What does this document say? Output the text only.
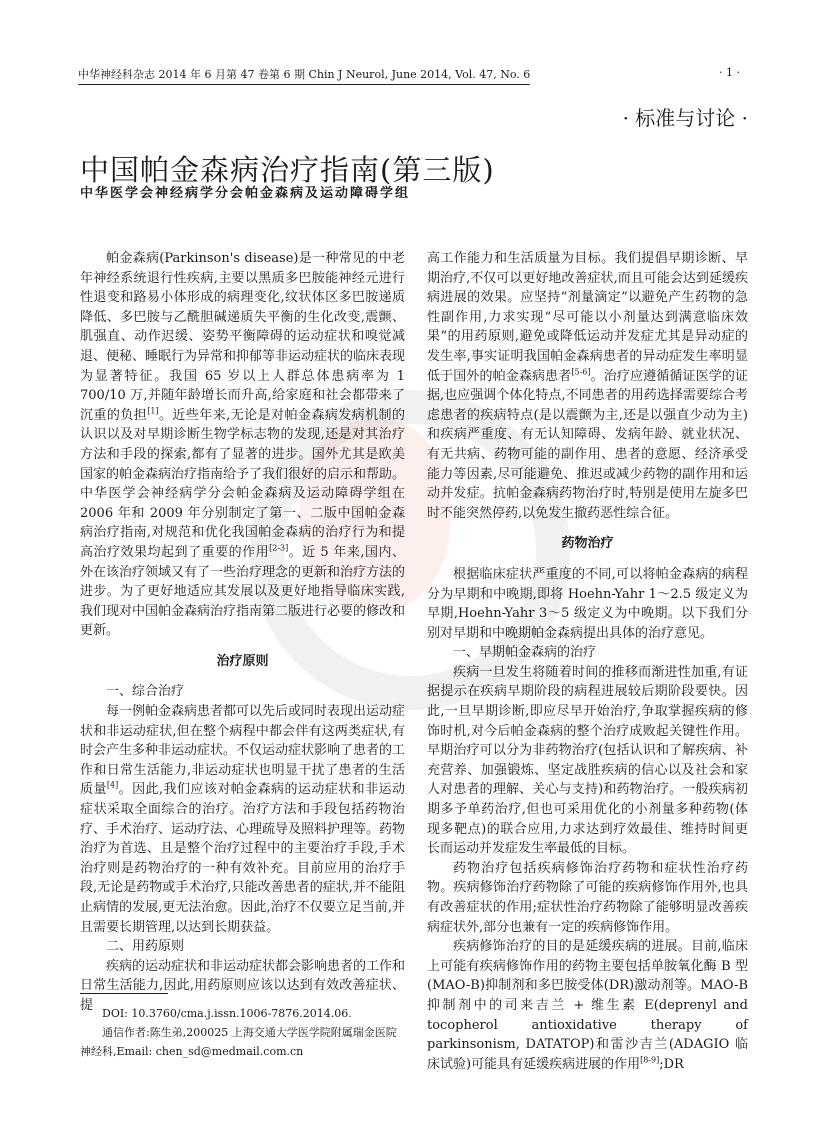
中华神经科杂志 2014 年 6 月第 47 卷第 6 期 Chin J Neurol, June 2014, Vol. 47, No. 6	· 1 ·
· 标准与讨论 ·
中国帕金森病治疗指南(第三版)
中华医学会神经病学分会帕金森病及运动障碍学组

帕金森病(Parkinson's disease)是一种常见的中老年神经系统退行性疾病,主要以黑质多巴胺能神经元进行性退变和路易小体形成的病理变化,纹状体区多巴胺递质降低、多巴胺与乙酰胆碱递质失平衡的生化改变,震颤、肌强直、动作迟缓、姿势平衡障碍的运动症状和嗅觉减退、便秘、睡眠行为异常和抑郁等非运动症状的临床表现为显著特征。我国 65 岁以上人群总体患病率为 1 700/10 万,并随年龄增长而升高,给家庭和社会都带来了沉重的负担[1]。近些年来,无论是对帕金森病发病机制的认识以及对早期诊断生物学标志物的发现,还是对其治疗方法和手段的探索,都有了显著的进步。国外尤其是欧美国家的帕金森病治疗指南给予了我们很好的启示和帮助。中华医学会神经病学分会帕金森病及运动障碍学组在 2006 年和 2009 年分别制定了第一、二版中国帕金森病治疗指南,对规范和优化我国帕金森病的治疗行为和提高治疗效果均起到了重要的作用[2-3]。近 5 年来,国内、外在该治疗领域又有了一些治疗理念的更新和治疗方法的进步。为了更好地适应其发展以及更好地指导临床实践,我们现对中国帕金森病治疗指南第二版进行必要的修改和更新。

治疗原则
一、综合治疗

每一例帕金森病患者都可以先后或同时表现出运动症状和非运动症状,但在整个病程中都会伴有这两类症状,有时会产生多种非运动症状。不仅运动症状影响了患者的工作和日常生活能力,非运动症状也明显干扰了患者的生活质量[4]。因此,我们应该对帕金森病的运动症状和非运动症状采取全面综合的治疗。治疗方法和手段包括药物治疗、手术治疗、运动疗法、心理疏导及照料护理等。药物治疗为首选、且是整个治疗过程中的主要治疗手段,手术治疗则是药物治疗的一种有效补充。目前应用的治疗手段,无论是药物或手术治疗,只能改善患者的症状,并不能阻止病情的发展,更无法治愈。因此,治疗不仅要立足当前,并且需要长期管理,以达到长期获益。

二、用药原则

疾病的运动症状和非运动症状都会影响患者的工作和日常生活能力,因此,用药原则应该以达到有效改善症状、提

高工作能力和生活质量为目标。我们提倡早期诊断、早期治疗,不仅可以更好地改善症状,而且可能会达到延缓疾病进展的效果。应坚持“剂量滴定”以避免产生药物的急性副作用,力求实现“尽可能以小剂量达到满意临床效果”的用药原则,避免或降低运动并发症尤其是异动症的发生率,事实证明我国帕金森病患者的异动症发生率明显低于国外的帕金森病患者[5-6]。治疗应遵循循证医学的证据,也应强调个体化特点,不同患者的用药选择需要综合考虑患者的疾病特点(是以震颤为主,还是以强直少动为主)和疾病严重度、有无认知障碍、发病年龄、就业状况、有无共病、药物可能的副作用、患者的意愿、经济承受能力等因素,尽可能避免、推迟或减少药物的副作用和运动并发症。抗帕金森病药物治疗时,特别是使用左旋多巴时不能突然停药,以免发生撤药恶性综合征。

药物治疗

根据临床症状严重度的不同,可以将帕金森病的病程分为早期和中晚期,即将 Hoehn-Yahr 1～2.5 级定义为早期,Hoehn-Yahr 3～5 级定义为中晚期。以下我们分别对早期和中晚期帕金森病提出具体的治疗意见。

一、早期帕金森病的治疗

疾病一旦发生将随着时间的推移而渐进性加重,有证据提示在疾病早期阶段的病程进展较后期阶段要快。因此,一旦早期诊断,即应尽早开始治疗,争取掌握疾病的修饰时机,对今后帕金森病的整个治疗成败起关键性作用。早期治疗可以分为非药物治疗(包括认识和了解疾病、补充营养、加强锻炼、坚定战胜疾病的信心以及社会和家人对患者的理解、关心与支持)和药物治疗。一般疾病初期多予单药治疗,但也可采用优化的小剂量多种药物(体现多靶点)的联合应用,力求达到疗效最佳、维持时间更长而运动并发症发生率最低的目标。

药物治疗包括疾病修饰治疗药物和症状性治疗药物。疾病修饰治疗药物除了可能的疾病修饰作用外,也具有改善症状的作用;症状性治疗药物除了能够明显改善疾病症状外,部分也兼有一定的疾病修饰作用。

疾病修饰治疗的目的是延缓疾病的进展。目前,临床上可能有疾病修饰作用的药物主要包括单胺氧化酶 B 型(MAO-B)抑制剂和多巴胺受体(DR)激动剂等。MAO-B 抑制剂中的司来吉兰 + 维生素 E(deprenyl and tocopherol antioxidative therapy of parkinsonism, DATATOP)和雷沙吉兰(ADAGIO 临床试验)可能具有延缓疾病进展的作用[8-9];DR

DOI: 10.3760/cma.j.issn.1006-7876.2014.06.

通信作者:陈生弟,200025 上海交通大学医学院附属瑞金医院

神经科,Email: chen_sd@medmail.com.cn
